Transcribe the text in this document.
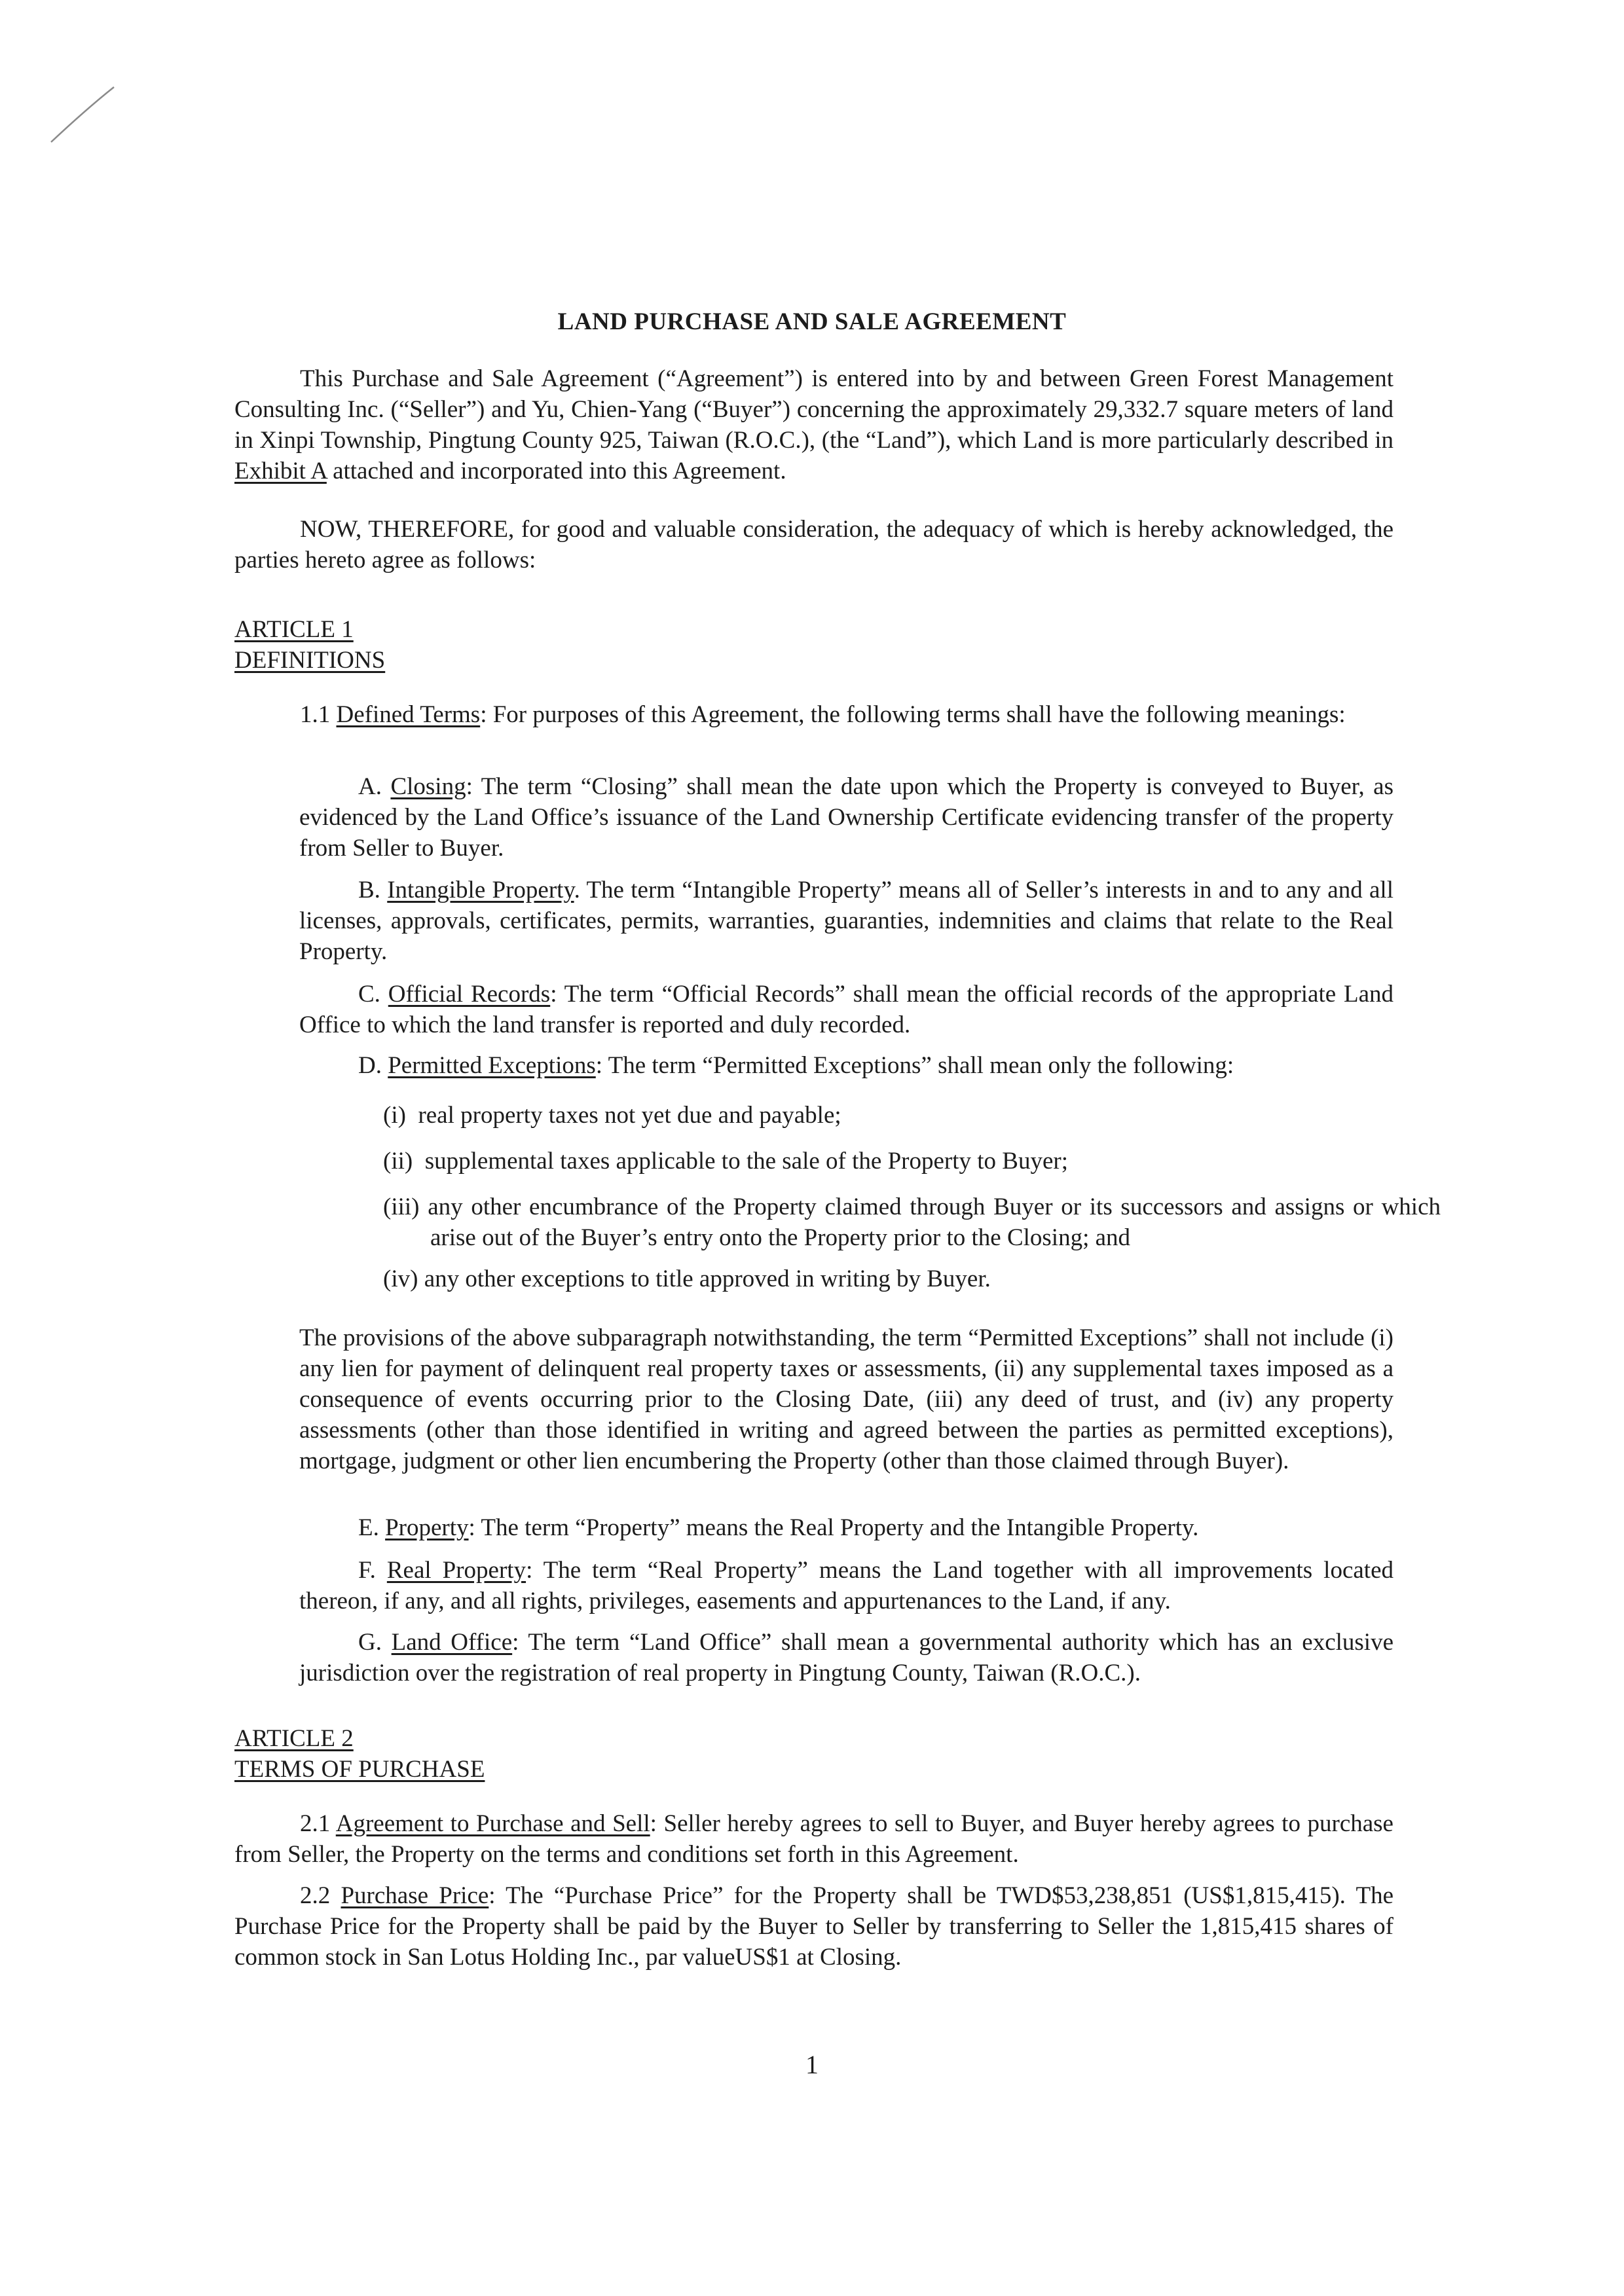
LAND PURCHASE AND SALE AGREEMENT

This Purchase and Sale Agreement (“Agreement”) is entered into by and between Green Forest Management Consulting Inc. (“Seller”) and Yu, Chien-Yang (“Buyer”) concerning the approximately 29,332.7 square meters of land in Xinpi Township, Pingtung County 925, Taiwan (R.O.C.), (the “Land”), which Land is more particularly described in Exhibit A attached and incorporated into this Agreement.

NOW, THEREFORE, for good and valuable consideration, the adequacy of which is hereby acknowledged, the parties hereto agree as follows:

ARTICLE 1
DEFINITIONS

1.1 Defined Terms: For purposes of this Agreement, the following terms shall have the following meanings:

A. Closing: The term “Closing” shall mean the date upon which the Property is conveyed to Buyer, as evidenced by the Land Office’s issuance of the Land Ownership Certificate evidencing transfer of the property from Seller to Buyer.

B. Intangible Property. The term “Intangible Property” means all of Seller’s interests in and to any and all licenses, approvals, certificates, permits, warranties, guaranties, indemnities and claims that relate to the Real Property.

C. Official Records: The term “Official Records” shall mean the official records of the appropriate Land Office to which the land transfer is reported and duly recorded.

D. Permitted Exceptions: The term “Permitted Exceptions” shall mean only the following:

(i) real property taxes not yet due and payable;

(ii) supplemental taxes applicable to the sale of the Property to Buyer;

(iii) any other encumbrance of the Property claimed through Buyer or its successors and assigns or which arise out of the Buyer’s entry onto the Property prior to the Closing; and

(iv) any other exceptions to title approved in writing by Buyer.

The provisions of the above subparagraph notwithstanding, the term “Permitted Exceptions” shall not include (i) any lien for payment of delinquent real property taxes or assessments, (ii) any supplemental taxes imposed as a consequence of events occurring prior to the Closing Date, (iii) any deed of trust, and (iv) any property assessments (other than those identified in writing and agreed between the parties as permitted exceptions), mortgage, judgment or other lien encumbering the Property (other than those claimed through Buyer).

E. Property: The term “Property” means the Real Property and the Intangible Property.

F. Real Property: The term “Real Property” means the Land together with all improvements located thereon, if any, and all rights, privileges, easements and appurtenances to the Land, if any.

G. Land Office: The term “Land Office” shall mean a governmental authority which has an exclusive jurisdiction over the registration of real property in Pingtung County, Taiwan (R.O.C.).

ARTICLE 2
TERMS OF PURCHASE

2.1 Agreement to Purchase and Sell: Seller hereby agrees to sell to Buyer, and Buyer hereby agrees to purchase from Seller, the Property on the terms and conditions set forth in this Agreement.

2.2 Purchase Price: The “Purchase Price” for the Property shall be TWD$53,238,851 (US$1,815,415). The Purchase Price for the Property shall be paid by the Buyer to Seller by transferring to Seller the 1,815,415 shares of common stock in San Lotus Holding Inc., par valueUS$1 at Closing.

1
